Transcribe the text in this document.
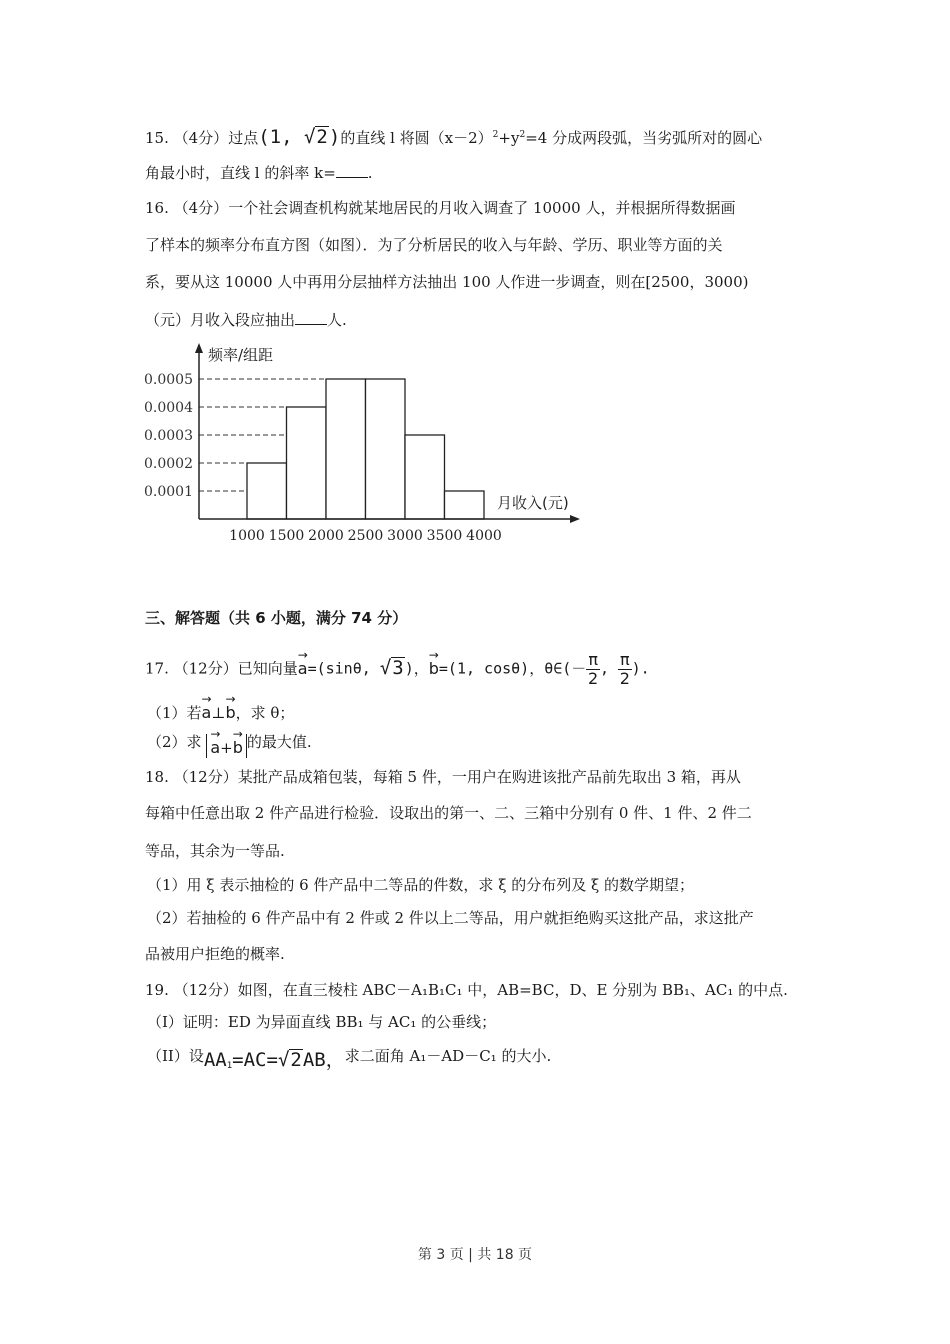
15. （4分）过点(1, √2)的直线 l 将圆$(x-2)^2+y^2=4$ 分成两段弧，当劣弧所对的圆心
角最小时，直线 l 的斜率 k= .
16. （4分）一个社会调查机构就某地居民的月收入调查了 10000 人，并根据所得数据画
了样本的频率分布直方图（如图）．为了分析居民的收入与年龄、学历、职业等方面的关
系，要从这 10000 人中再用分层抽样方法抽出 100 人作进一步调查，则在[2500，3000)
（元）月收入段应抽出 人.
频率/组距
月收入(元)
0.0001
0.0002
0.0003
0.0004
0.0005
1000 1500 2000 2500 3000 3500 4000
三、解答题（共 6 小题，满分 74 分）
17. （12分）已知向量→ a=(sinθ, √3)，→ b=(1, cosθ)，θ∈(－ $\frac{\pi}{2}$ , $\frac{\pi}{2}$ ).
（1）若→ a⊥→ b，求 θ；
（2）求 → a+→ b 的最大值.
18. （12分）某批产品成箱包装，每箱 5 件，一用户在购进该批产品前先取出 3 箱，再从
每箱中任意出取 2 件产品进行检验．设取出的第一、二、三箱中分别有 0 件、1 件、2 件二
等品，其余为一等品.
（1）用 ξ 表示抽检的 6 件产品中二等品的件数，求 ξ 的分布列及 ξ 的数学期望；
（2）若抽检的 6 件产品中有 2 件或 2 件以上二等品，用户就拒绝购买这批产品，求这批产
品被用户拒绝的概率.
19. （12分）如图，在直三棱柱 ABC－A₁B₁C₁ 中，AB=BC，D、E 分别为 BB₁、AC₁ 的中点.
（I）证明：ED 为异面直线 BB₁ 与 AC₁ 的公垂线；
（II）设$AA_1=AC=√2AB$，求二面角 A₁－AD－C₁ 的大小.
第 3 页 | 共 18 页
